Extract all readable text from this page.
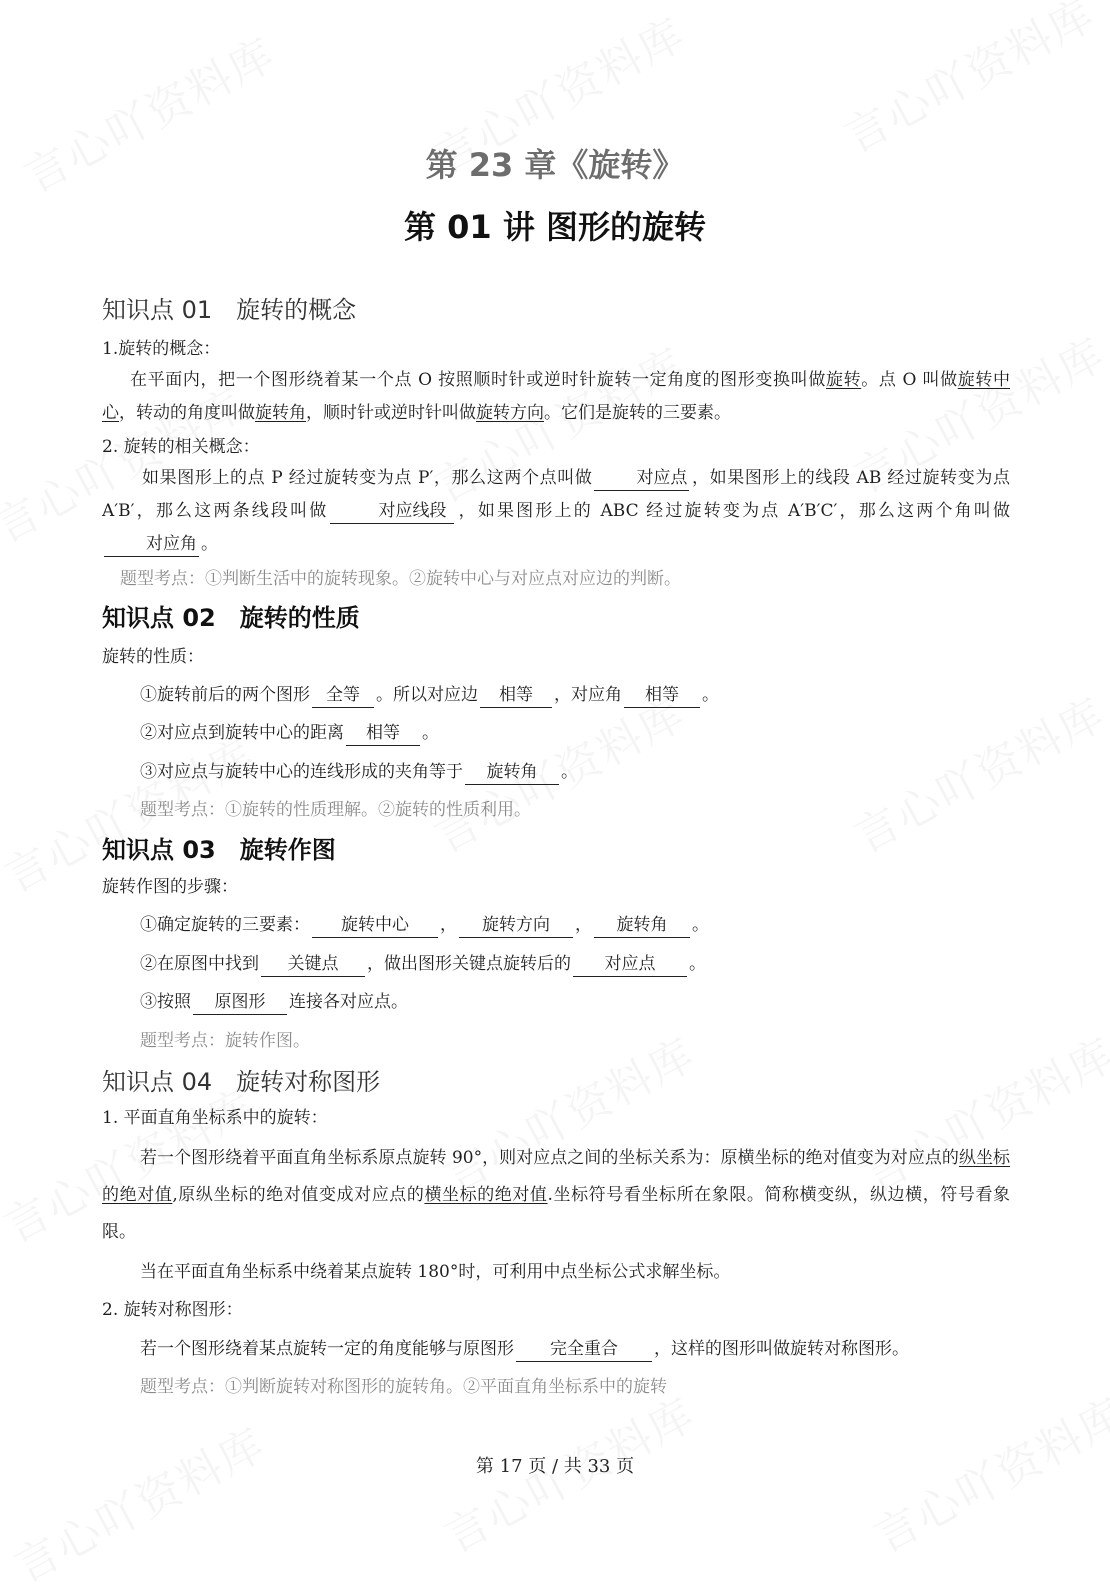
第 23 章《旋转》
第 01 讲 图形的旋转
知识点 01 旋转的概念
1.旋转的概念：
在平面内，把一个图形绕着某一个点 O 按照顺时针或逆时针旋转一定角度的图形变换叫做旋转。点 O 叫做旋转中心，转动的角度叫做旋转角，顺时针或逆时针叫做旋转方向。它们是旋转的三要素。
2. 旋转的相关概念：
如果图形上的点 P 经过旋转变为点 P′，那么这两个点叫做	对应点 ，如果图形上的线段 AB 经过旋转变为点 A′B′，那么这两条线段叫做	对应线段 ，如果图形上的 ABC 经过旋转变为点 A′B′C′，那么这两个角叫做对应角 。
题型考点：①判断生活中的旋转现象。②旋转中心与对应点对应边的判断。
知识点 02 旋转的性质
旋转的性质：
①旋转前后的两个图形 全等 。所以对应边 相等 ，对应角 相等 。
②对应点到旋转中心的距离 相等 。
③对应点与旋转中心的连线形成的夹角等于 旋转角 。
题型考点：①旋转的性质理解。②旋转的性质利用。
知识点 03 旋转作图
旋转作图的步骤：
①确定旋转的三要素： 旋转中心 ， 旋转方向 ， 旋转角 。
②在原图中找到 关键点 ，做出图形关键点旋转后的 对应点 。
③按照 原图形 连接各对应点。
题型考点：旋转作图。
知识点 04 旋转对称图形
1. 平面直角坐标系中的旋转：
若一个图形绕着平面直角坐标系原点旋转 90°，则对应点之间的坐标关系为：原横坐标的绝对值变为对应点的纵坐标的绝对值,原纵坐标的绝对值变成对应点的横坐标的绝对值.坐标符号看坐标所在象限。简称横变纵，纵边横，符号看象限。
当在平面直角坐标系中绕着某点旋转 180°时，可利用中点坐标公式求解坐标。
2. 旋转对称图形：
若一个图形绕着某点旋转一定的角度能够与原图形 完全重合 ，这样的图形叫做旋转对称图形。
题型考点：①判断旋转对称图形的旋转角。②平面直角坐标系中的旋转
第 17 页 / 共 33 页
